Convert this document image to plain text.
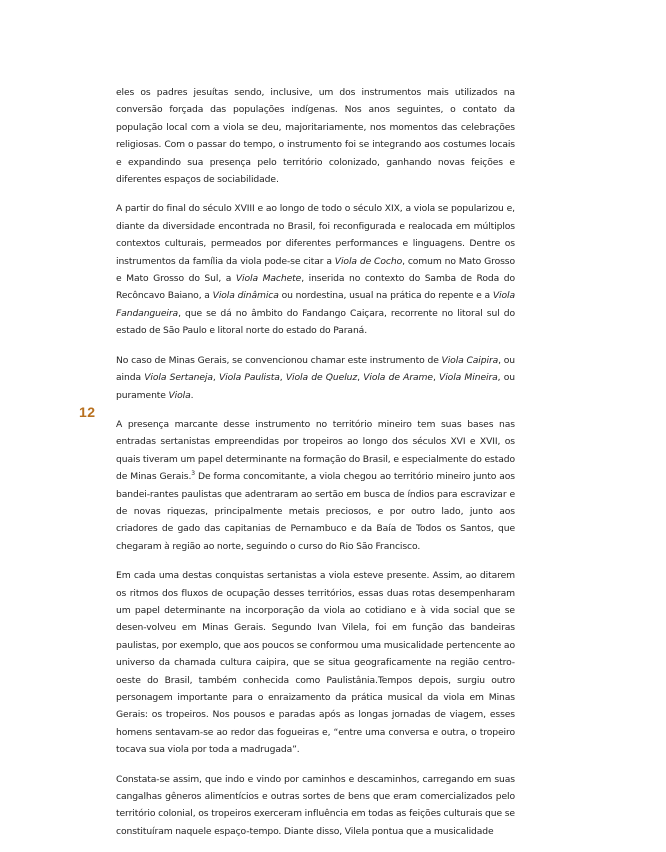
12

eles os padres jesuítas sendo, inclusive, um dos instrumentos mais utilizados na conversão forçada das populações indígenas. Nos anos seguintes, o contato da população local com a viola se deu, majoritariamente, nos momentos das celebrações religiosas. Com o passar do tempo, o instrumento foi se integrando aos costumes locais e expandindo sua presença pelo território colonizado, ganhando novas feições e diferentes espaços de sociabilidade.

A partir do final do século XVIII e ao longo de todo o século XIX, a viola se popularizou e, diante da diversidade encontrada no Brasil, foi reconfigurada e realocada em múltiplos contextos culturais, permeados por diferentes performances e linguagens. Dentre os instrumentos da família da viola pode-se citar a Viola de Cocho, comum no Mato Grosso e Mato Grosso do Sul, a Viola Machete, inserida no contexto do Samba de Roda do Recôncavo Baiano, a Viola dinâmica ou nordestina, usual na prática do repente e a Viola Fandangueira, que se dá no âmbito do Fandango Caiçara, recorrente no litoral sul do estado de São Paulo e litoral norte do estado do Paraná.

No caso de Minas Gerais, se convencionou chamar este instrumento de Viola Caipira, ou ainda Viola Sertaneja, Viola Paulista, Viola de Queluz, Viola de Arame, Viola Mineira, ou puramente Viola.

A presença marcante desse instrumento no território mineiro tem suas bases nas entradas sertanistas empreendidas por tropeiros ao longo dos séculos XVI e XVII, os quais tiveram um papel determinante na formação do Brasil, e especialmente do estado de Minas Gerais.$^3$ De forma concomitante, a viola chegou ao território mineiro junto aos bandei-rantes paulistas que adentraram ao sertão em busca de índios para escravizar e de novas riquezas, principalmente metais preciosos, e por outro lado, junto aos criadores de gado das capitanias de Pernambuco e da Baía de Todos os Santos, que chegaram à região ao norte, seguindo o curso do Rio São Francisco.

Em cada uma destas conquistas sertanistas a viola esteve presente. Assim, ao ditarem os ritmos dos fluxos de ocupação desses territórios, essas duas rotas desempenharam um papel determinante na incorporação da viola ao cotidiano e à vida social que se desen-volveu em Minas Gerais. Segundo Ivan Vilela, foi em função das bandeiras paulistas, por exemplo, que aos poucos se conformou uma musicalidade pertencente ao universo da chamada cultura caipira, que se situa geograficamente na região centro-oeste do Brasil, também conhecida como Paulistânia.Tempos depois, surgiu outro personagem importante para o enraizamento da prática musical da viola em Minas Gerais: os tropeiros. Nos pousos e paradas após as longas jornadas de viagem, esses homens sentavam-se ao redor das fogueiras e, “entre uma conversa e outra, o tropeiro tocava sua viola por toda a madrugada”.

Constata-se assim, que indo e vindo por caminhos e descaminhos, carregando em suas cangalhas gêneros alimentícios e outras sortes de bens que eram comercializados pelo território colonial, os tropeiros exerceram influência em todas as feições culturais que se constituíram naquele espaço-tempo. Diante disso, Vilela pontua que a musicalidade
